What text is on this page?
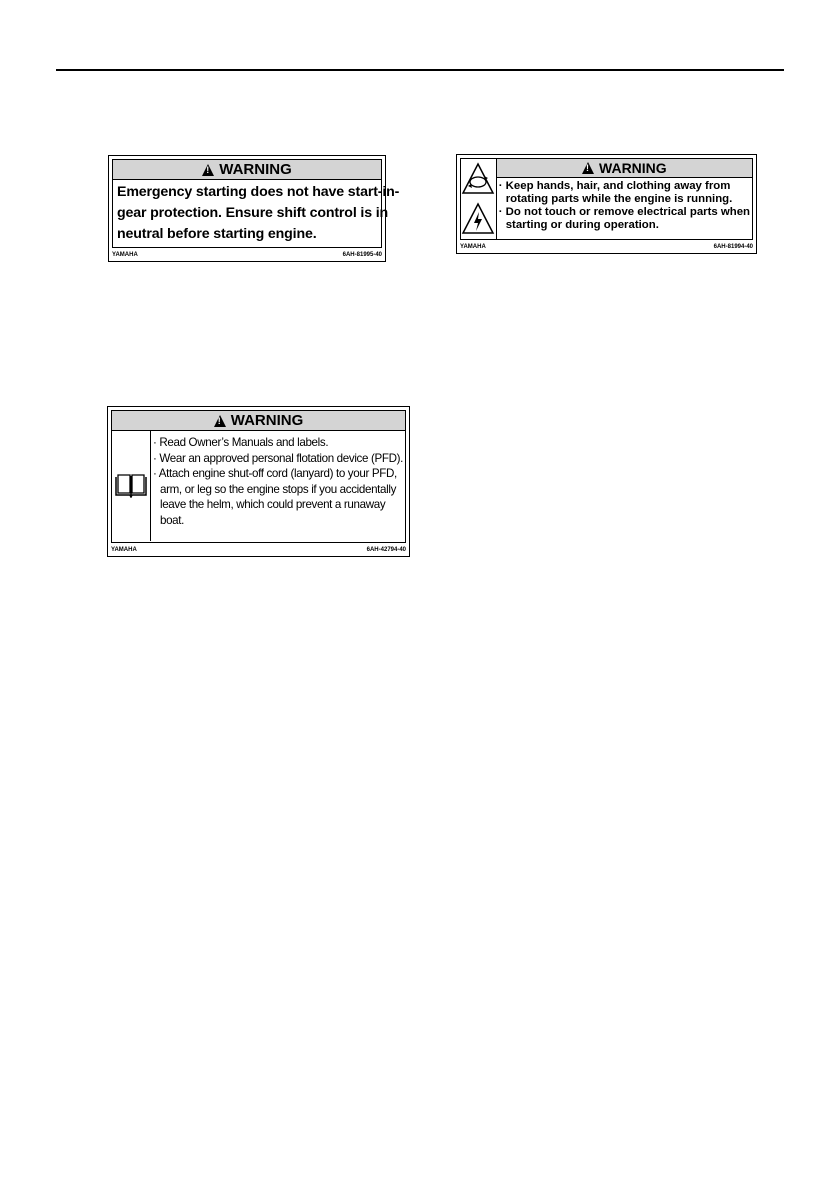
!
WARNING
Emergency starting does not have start-in-
gear protection. Ensure shift control is in
neutral before starting engine.
YAMAHA	6AH-81995-40
!
WARNING
· Keep hands, hair, and clothing away from
rotating parts while the engine is running.
· Do not touch or remove electrical parts when
starting or during operation.
YAMAHA	6AH-81994-40
!
WARNING
· Read Owner’s Manuals and labels.
· Wear an approved personal flotation device (PFD).
· Attach engine shut-off cord (lanyard) to your PFD,
arm, or leg so the engine stops if you accidentally
leave the helm, which could prevent a runaway
boat.
YAMAHA	6AH-42794-40
